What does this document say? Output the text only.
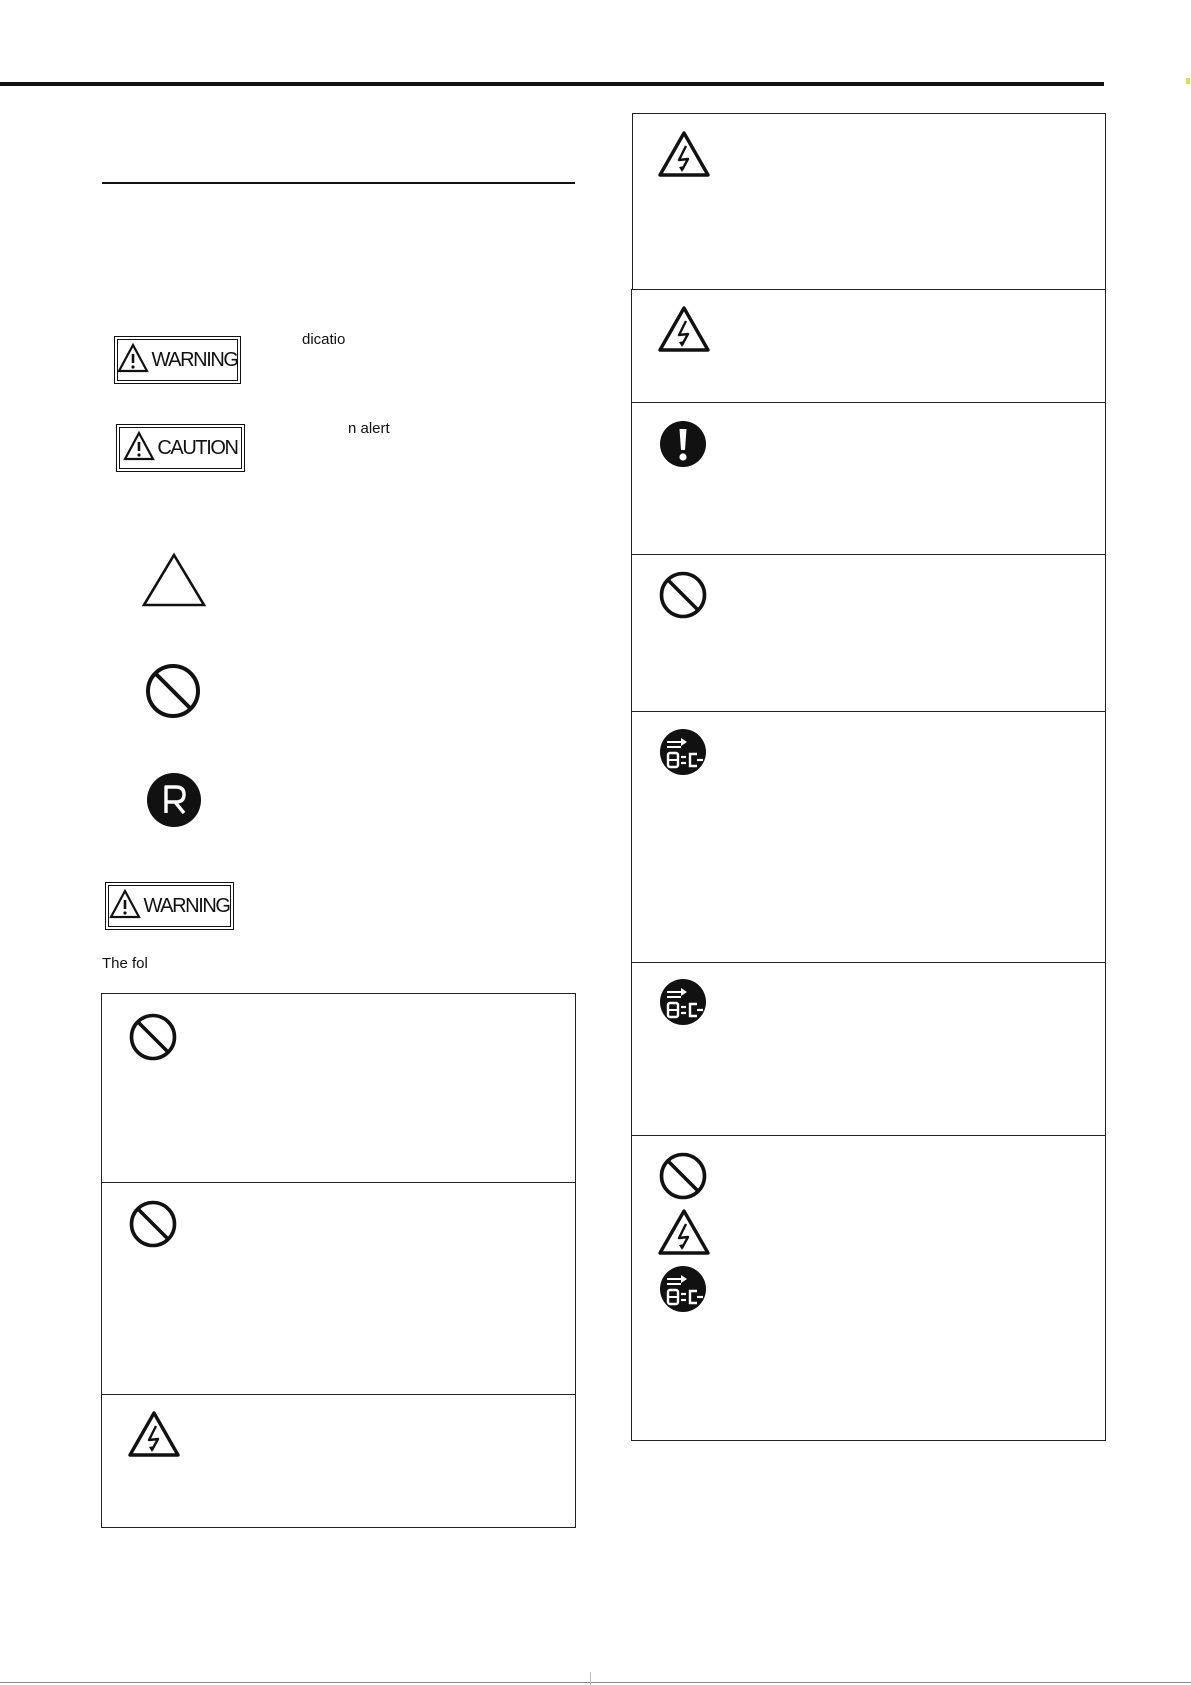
WARNING
dicatio
CAUTION
n alert
WARNING
The fol
